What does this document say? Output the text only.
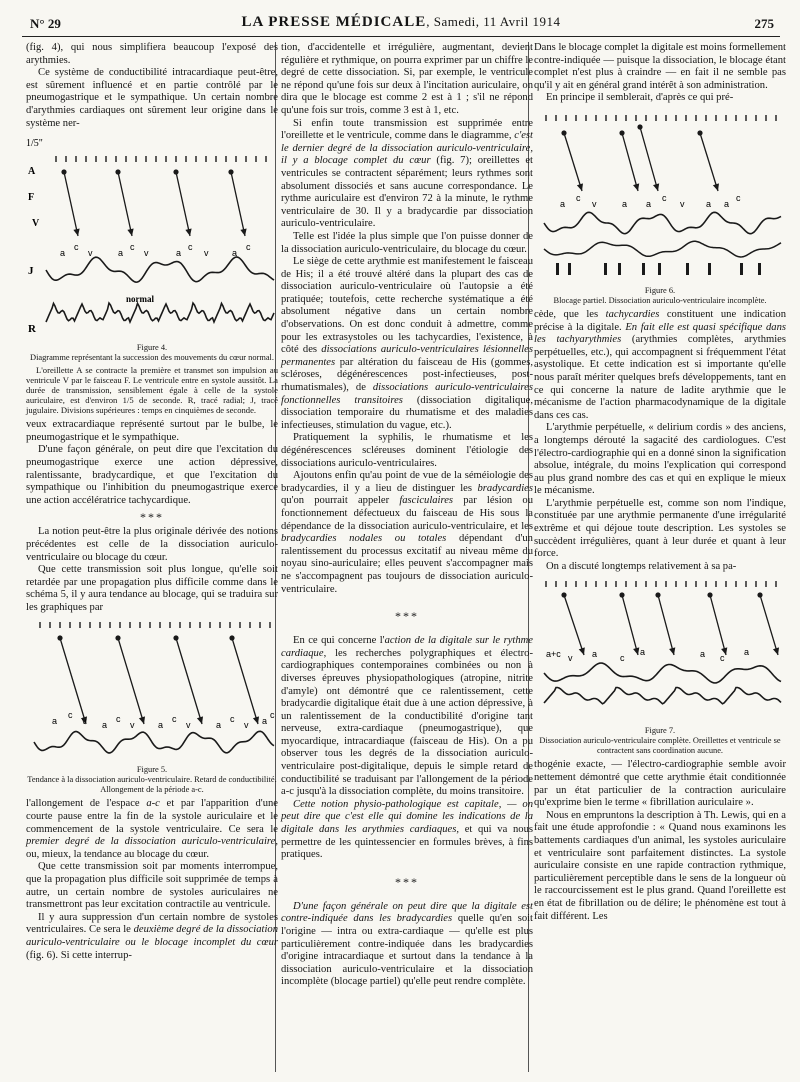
N° 29	LA PRESSE MÉDICALE, Samedi, 11 Avril 1914	275

(fig. 4), qui nous simplifiera beaucoup l'exposé des arythmies.

Ce système de conductibilité intracardiaque peut-être, est sûrement influencé et en partie contrôlé par le pneumogastrique et le sympathique. Un certain nombre d'arythmies cardiaques ont sûrement leur origine dans le système ner-

1/5"
A
F
V
J
a
c
v	a
c
v	a
c
v	a
c
R
normal
Figure 4.
Diagramme représentant la succession des mouvements du cœur normal.

L'oreillette A se contracte la première et transmet son impulsion au ventricule V par le faisceau F. Le ventricule entre en systole aussitôt. La durée de transmission, sensiblement égale à celle de la systole auriculaire, est d'environ 1/5 de seconde. R, tracé radial; J, tracé jugulaire. Divisions supérieures : temps en cinquièmes de seconde.

veux extracardiaque représenté surtout par le bulbe, le pneumogastrique et le sympathique.

D'une façon générale, on peut dire que l'excitation du pneumogastrique exerce une action dépressive, ralentissante, bradycardique, et que l'excitation du sympathique ou l'inhibition du pneumogastrique exerce une action accélératrice tachycardique.

***

La notion peut-être la plus originale dérivée des notions précédentes est celle de la dissociation auriculo-ventriculaire ou blocage du cœur.

Que cette transmission soit plus longue, qu'elle soit retardée par une propagation plus difficile comme dans le schéma 5, il y aura tendance au blocage, qui se traduira sur les graphiques par

a
c
v a
c
v	a
c
v	a
c
v a
c
Figure 5.
Tendance à la dissociation auriculo-ventriculaire. Retard de conductibilité. Allongement de la période a-c.

l'allongement de l'espace a-c et par l'apparition d'une courte pause entre la fin de la systole auriculaire et le commencement de la systole ventriculaire. Ce sera le premier degré de la dissociation auriculo-ventriculaire, ou, mieux, la tendance au blocage du cœur.

Que cette transmission soit par moments interrompue, que la propagation plus difficile soit supprimée de temps à autre, un certain nombre de systoles auriculaires ne transmettront pas leur excitation contractile au ventricule.

Il y aura suppression d'un certain nombre de systoles ventriculaires. Ce sera le deuxième degré de la dissociation auriculo-ventriculaire ou le blocage incomplet du cœur (fig. 6). Si cette interrup-

tion, d'accidentelle et irrégulière, augmentant, devient régulière et rythmique, on pourra exprimer par un chiffre le degré de cette dissociation. Si, par exemple, le ventricule ne répond qu'une fois sur deux à l'incitation auriculaire, on dira que le blocage est comme 2 est à 1 ; s'il ne répond qu'une fois sur trois, comme 3 est à 1, etc.

Si enfin toute transmission est supprimée entre l'oreillette et le ventricule, comme dans le diagramme, c'est le dernier degré de la dissociation auriculo-ventriculaire, il y a blocage complet du cœur (fig. 7); oreillettes et ventricules se contractent séparément; leurs rythmes sont absolument dissociés et sans aucune correspondance. Le rythme auriculaire est d'environ 72 à la minute, le rythme ventriculaire de 30. Il y a bradycardie par dissociation auriculo-ventriculaire.

Telle est l'idée la plus simple que l'on puisse donner de la dissociation auriculo-ventriculaire, du blocage du cœur.

Le siège de cette arythmie est manifestement le faisceau de His; il a été trouvé altéré dans la plupart des cas de dissociation auriculo-ventriculaire où l'autopsie a été pratiquée; toutefois, cette recherche systématique a été absolument négative dans un certain nombre d'observations. On est donc conduit à admettre, comme pour les extrasystoles ou les tachycardies, l'existence, à côté des dissociations auriculo-ventriculaires lésionnelles permanentes par altération du faisceau de His (gommes, scléroses, dégénérescences post-infectieuses, post-rhumatismales), de dissociations auriculo-ventriculaires fonctionnelles transitoires (dissociation digitalique, dissociation temporaire du rhumatisme et des maladies infectieuses, stimulation du vague, etc.).

Pratiquement la syphilis, le rhumatisme et les dégénérescences scléreuses dominent l'étiologie des dissociations auriculo-ventriculaires.

Ajoutons enfin qu'au point de vue de la séméiologie des bradycardies, il y a lieu de distinguer les bradycardies qu'on pourrait appeler fasciculaires par lésion ou fonctionnement défectueux du faisceau de His sous la dépendance de la dissociation auriculo-ventriculaire, et les bradycardies nodales ou totales dépendant d'un ralentissement du processus excitatif au niveau même du noyau sino-auriculaire; elles peuvent s'accompagner mais ne s'accompagnent pas toujours de dissociation auriculo-ventriculaire.

***

En ce qui concerne l'action de la digitale sur le rythme cardiaque, les recherches polygraphiques et électro-cardiographiques contemporaines combinées ou non à diverses épreuves physiopathologiques (atropine, nitrite d'amyle) ont démontré que ce ralentissement, cette bradycardie digitalique était due à une action dépressive, à un ralentissement de la conductibilité d'origine tant nerveuse, extra-cardiaque (pneumogastrique), que myocardique, intracardiaque (faisceau de His). On a pu observer tous les degrés de la dissociation auriculo-ventriculaire post-digitalique, depuis le simple retard de conductibilité se traduisant par l'allongement de la période a-c jusqu'à la dissociation complète, du moins transitoire.

Cette notion physio-pathologique est capitale, — on peut dire que c'est elle qui domine les indications de la digitale dans les arythmies cardiaques, et qui va nous permettre de les quintessencier en formules brèves, à fins pratiques.

***

D'une façon générale on peut dire que la digitale est contre-indiquée dans les bradycardies quelle qu'en soit l'origine — intra ou extra-cardiaque — qu'elle est plus particulièrement contre-indiquée dans les bradycardies d'origine intracardiaque et surtout dans la tendance à la dissociation auriculo-ventriculaire et la dissociation incomplète (blocage partiel) qu'elle peut rendre complète.

Dans le blocage complet la digitale est moins formellement contre-indiquée — puisque la dissociation, le blocage étant complet n'est plus à craindre — en fait il ne semble pas qu'il y ait en général grand intérêt à son administration.

En principe il semblerait, d'après ce qui pré-

a
c
v	a a
c
v a a
c
Figure 6.
Blocage partiel. Dissociation auriculo-ventriculaire incomplète.

cède, que les tachycardies constituent une indication précise à la digitale. En fait elle est quasi spécifique dans les tachyarythmies (arythmies complètes, arythmies perpétuelles, etc.), qui accompagnent si fréquemment l'état asystolique. Et cette indication est si importante qu'elle nous paraît mériter quelques brefs développements, tant en ce qui concerne la nature de ladite arythmie que le mécanisme de l'action pharmacodynamique de la digitale dans ces cas.

L'arythmie perpétuelle, « delirium cordis » des anciens, a longtemps dérouté la sagacité des cardiologues. C'est l'électro-cardiographie qui en a donné sinon la signification absolue, intégrale, du moins l'explication qui correspond au plus grand nombre des cas et qui en explique le mieux le mécanisme.

L'arythmie perpétuelle est, comme son nom l'indique, constituée par une arythmie permanente d'une irrégularité extrême et qui déjoue toute description. Les systoles se succèdent irrégulières, quant à leur durée et quant à leur force.

On a discuté longtemps relativement à sa pa-

a+c v a	c
a	a c
a
Figure 7.
Dissociation auriculo-ventriculaire complète. Oreillettes et ventricule se contractent sans coordination aucune.

thogénie exacte, — l'électro-cardiographie semble avoir nettement démontré que cette arythmie était conditionnée par un état particulier de la contraction auriculaire qu'exprime bien le terme « fibrillation auriculaire ».

Nous en empruntons la description à Th. Lewis, qui en a fait une étude approfondie : « Quand nous examinons les battements cardiaques d'un animal, les systoles auriculaire et ventriculaire sont parfaitement distinctes. La systole auriculaire consiste en une rapide contraction rythmique, particulièrement perceptible dans le sens de la longueur où le raccourcissement est le plus grand. Quand l'oreillette est en état de fibrillation ou de délire; le phénomène est tout à fait différent. Les
